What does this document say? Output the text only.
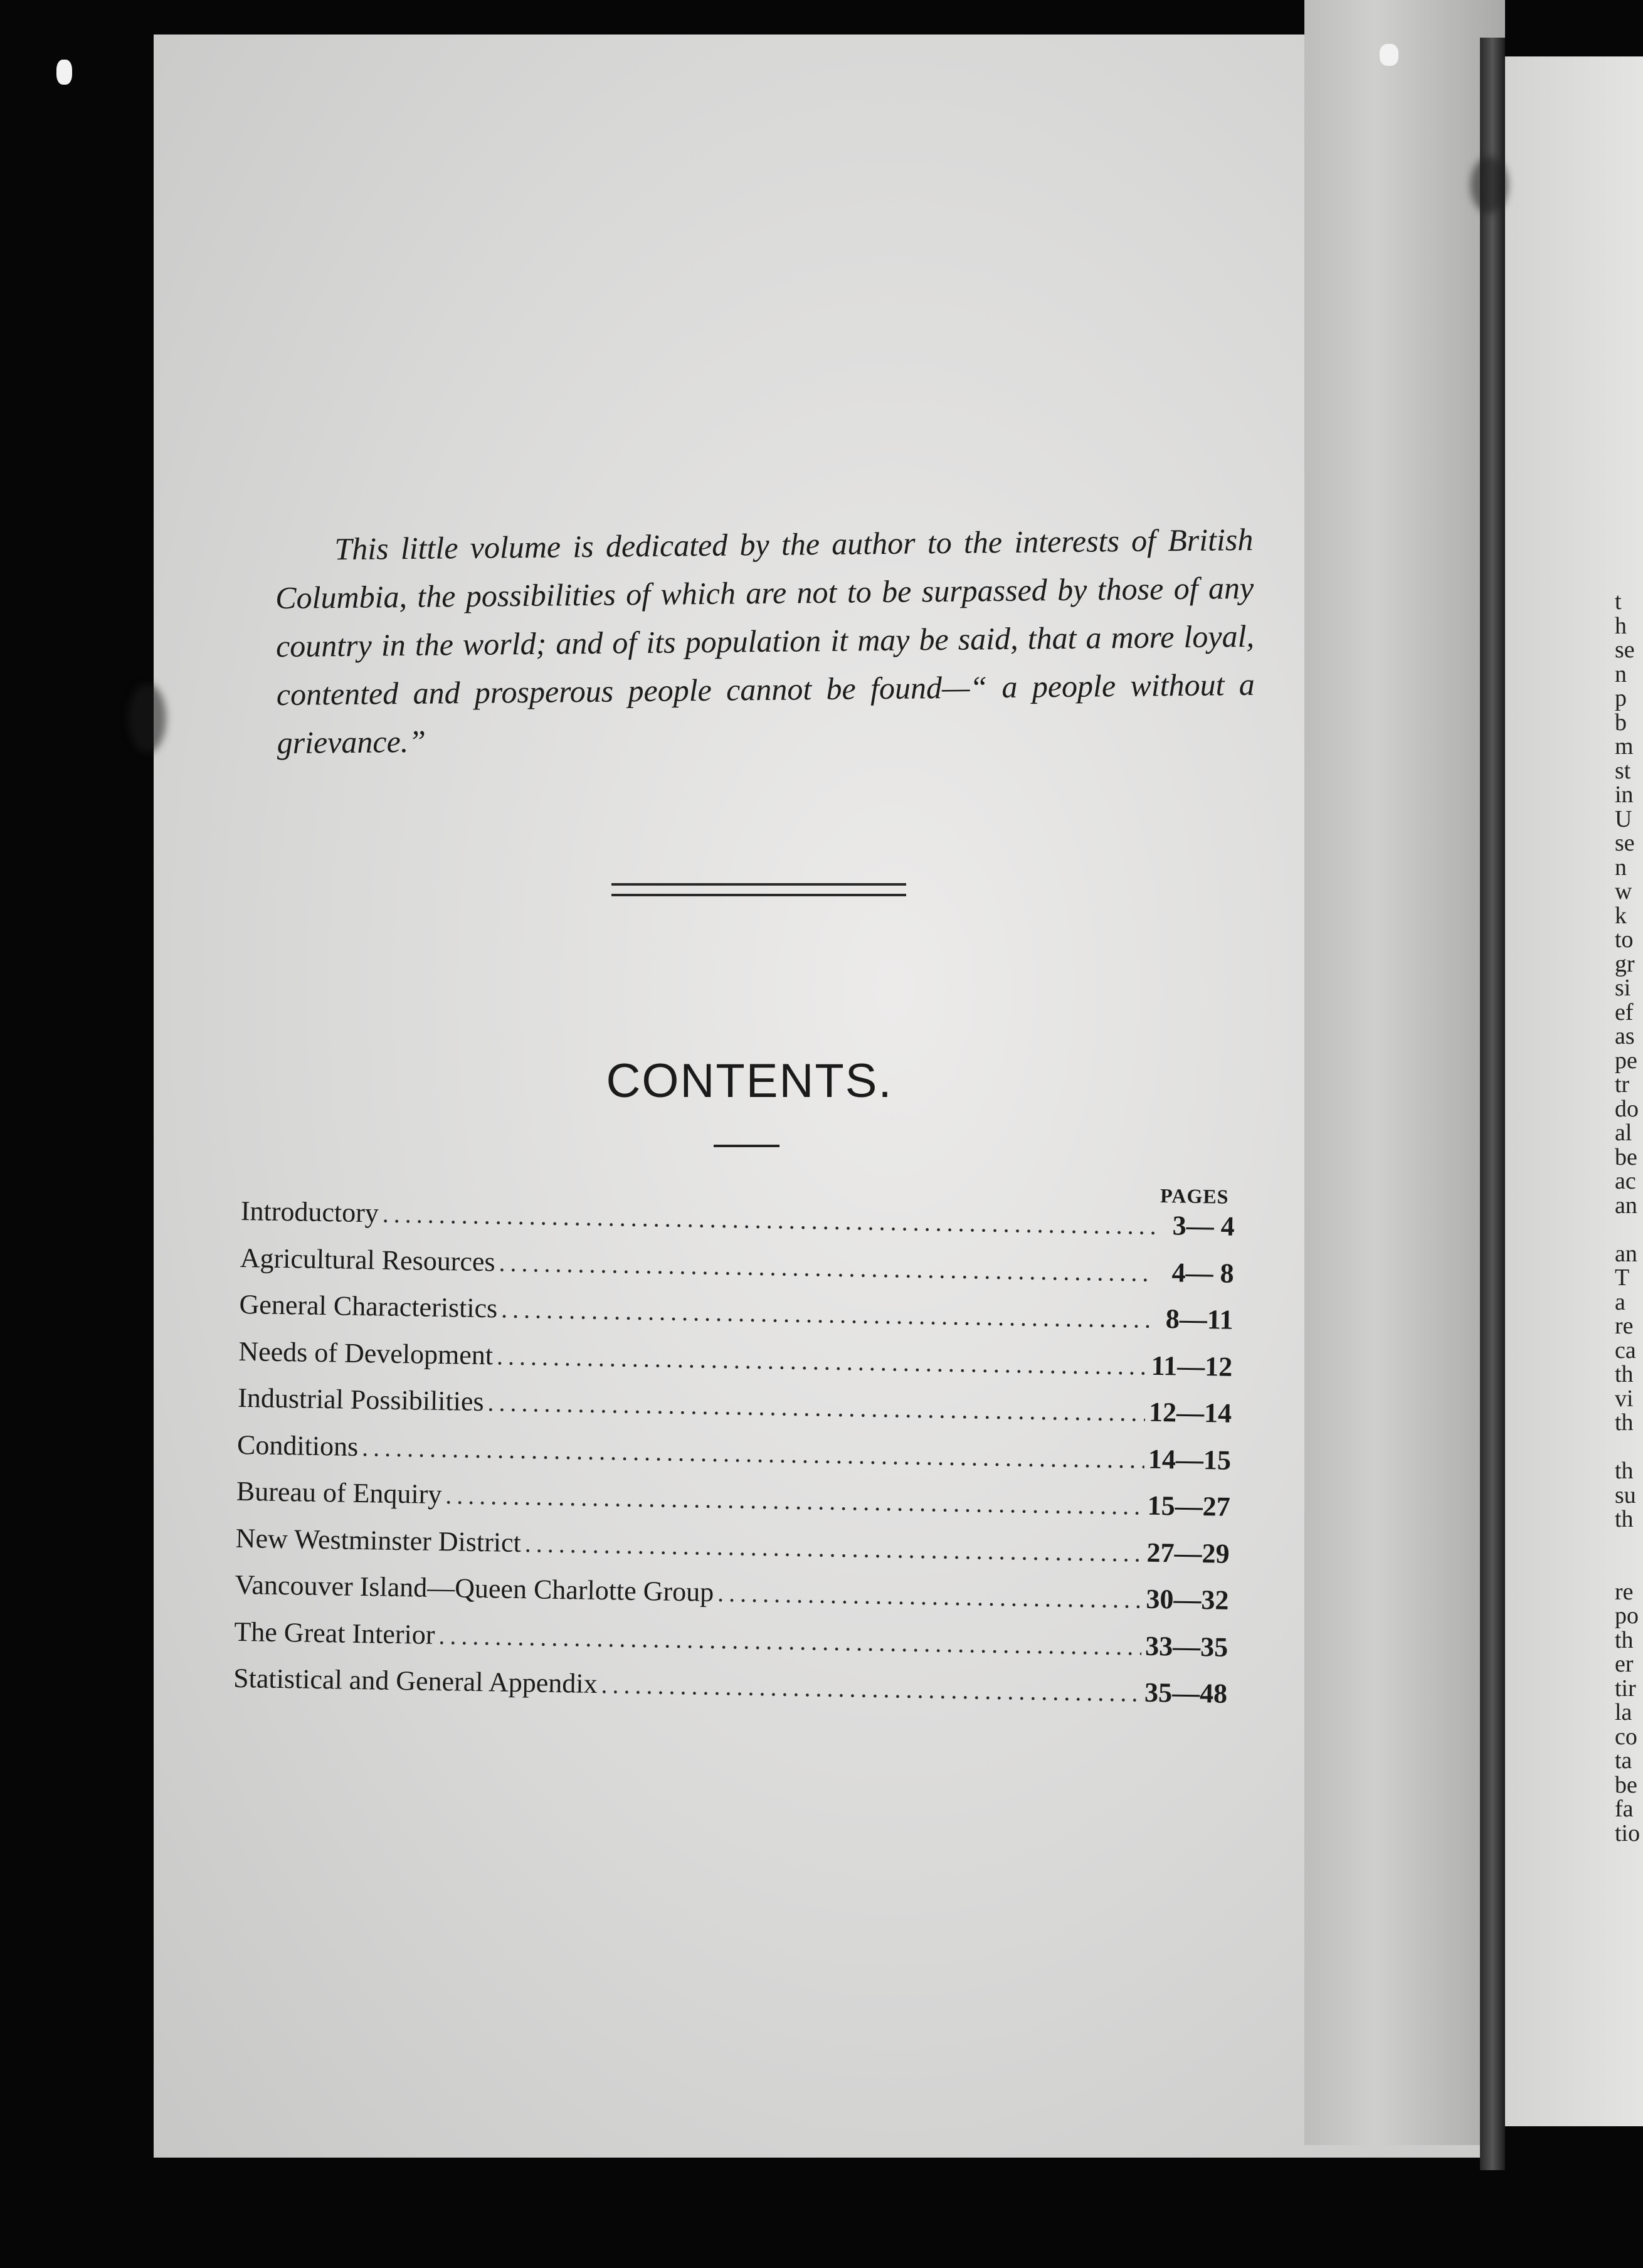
t
h
se
n
p
b
m
st
in
U
se
n
w
k
to
gr
si
ef
as
pe
tr
do
al
be
ac
an

an
T
a
re
ca
th
vi
th

th
su
th

re
po
th
er
tir
la
co
ta
be
fa
tio
This little volume is dedicated by the author to the interests of British Columbia, the possibilities of which are not to be surpassed by those of any country in the world; and of its population it may be said, that a more loyal, contented and prosperous people cannot be found—“ a people without a grievance.”
CONTENTS.
PAGES
Introductory .....	3— 4
Agricultural Resources .....	4— 8
General Characteristics .....	8—11
Needs of Development .....	11—12
Industrial Possibilities .....	12—14
Conditions .....	14—15
Bureau of Enquiry .....	15—27
New Westminster District .....	27—29
Vancouver Island—Queen Charlotte Group .....	30—32
The Great Interior .....	33—35
Statistical and General Appendix .....	35—48
